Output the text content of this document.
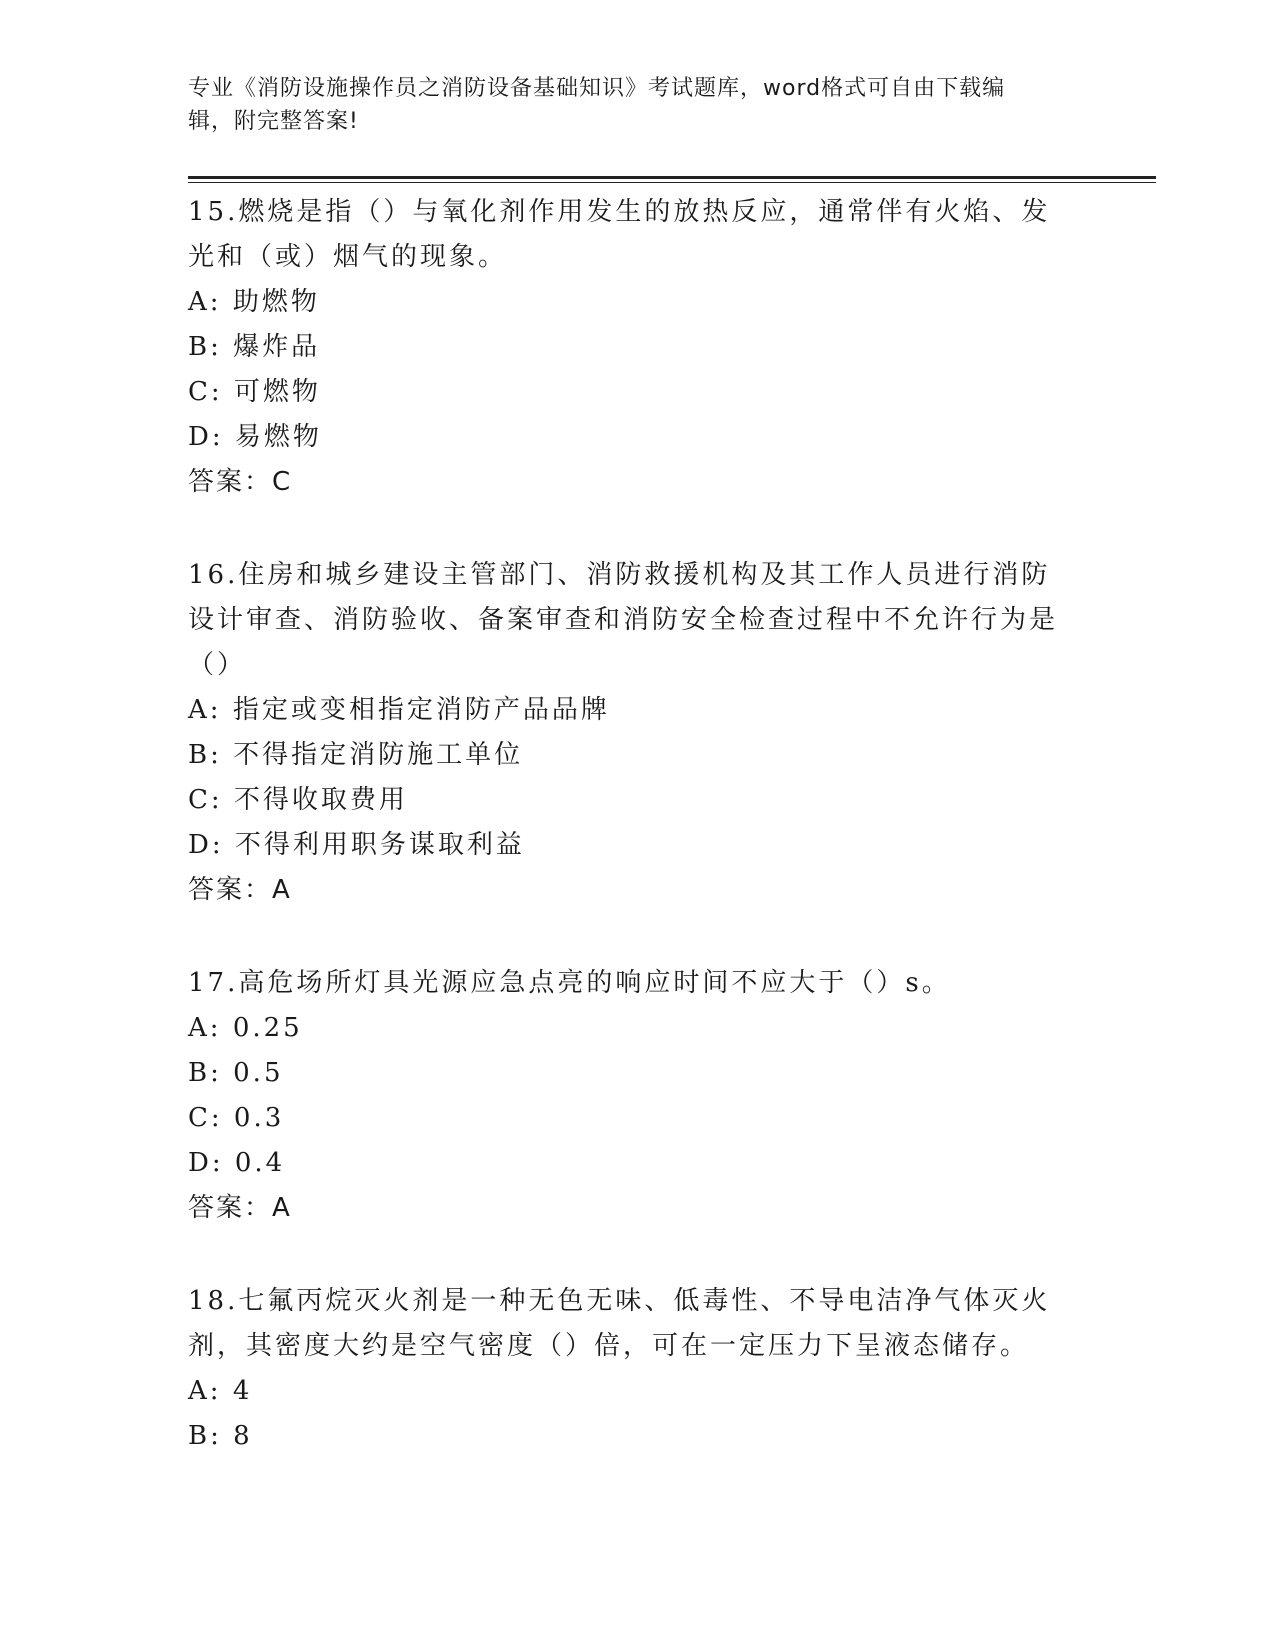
专业《消防设施操作员之消防设备基础知识》考试题库，word格式可自由下载编
辑，附完整答案!

15.燃烧是指（）与氧化剂作用发生的放热反应，通常伴有火焰、发光和（或）烟气的现象。

A: 助燃物

B: 爆炸品

C: 可燃物

D: 易燃物

答案：C

16.住房和城乡建设主管部门、消防救援机构及其工作人员进行消防设计审查、消防验收、备案审查和消防安全检查过程中不允许行为是（）

A: 指定或变相指定消防产品品牌

B: 不得指定消防施工单位

C: 不得收取费用

D: 不得利用职务谋取利益

答案：A

17.高危场所灯具光源应急点亮的响应时间不应大于（）s。

A: 0.25

B: 0.5

C: 0.3

D: 0.4

答案：A

18.七氟丙烷灭火剂是一种无色无味、低毒性、不导电洁净气体灭火剂，其密度大约是空气密度（）倍，可在一定压力下呈液态储存。

A: 4

B: 8
